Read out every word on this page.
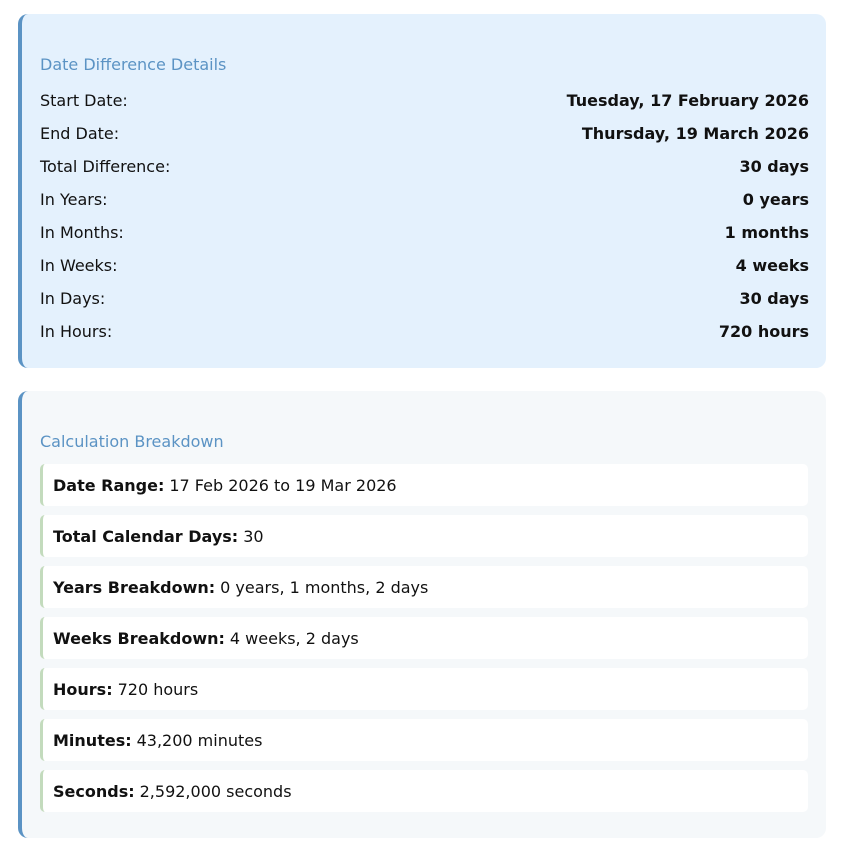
Date Difference Details
Start Date:	Tuesday, 17 February 2026
End Date:	Thursday, 19 March 2026
Total Difference:	30 days
In Years:	0 years
In Months:	1 months
In Weeks:	4 weeks
In Days:	30 days
In Hours:	720 hours
Calculation Breakdown
Date Range: 17 Feb 2026 to 19 Mar 2026
Total Calendar Days: 30
Years Breakdown: 0 years, 1 months, 2 days
Weeks Breakdown: 4 weeks, 2 days
Hours: 720 hours
Minutes: 43,200 minutes
Seconds: 2,592,000 seconds
